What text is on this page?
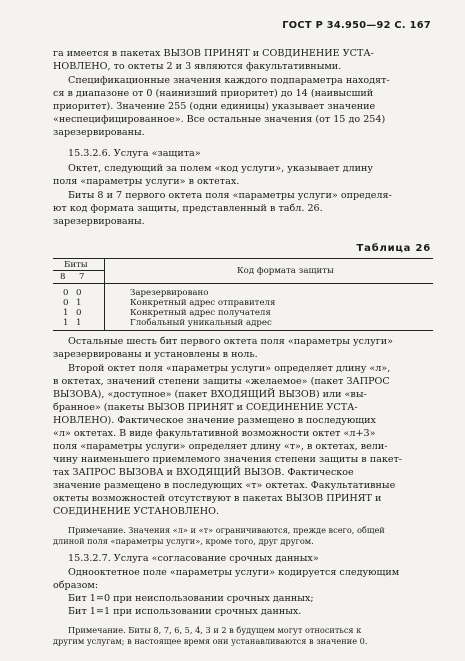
ГОСТ Р 34.950—92 С. 167
га имеется в пакетах ВЫЗОВ ПРИНЯТ и СОВДИНЕНИЕ УСТА-
НОВЛЕНО, то октеты 2 и 3 являются факультативными.
Спецификационные значения каждого подпараметра находят-
ся в диапазоне от 0 (наинизший приоритет) до 14 (наивысший
приоритет). Значение 255 (одни единицы) указывает значение
«неспецифицированное». Все остальные значения (от 15 до 254)
зарезервированы.
15.3.2.6. Услуга «защита»
Октет, следующий за полем «код услуги», указывает длину
поля «параметры услуги» в октетах.
Биты 8 и 7 первого октета поля «параметры услуги» определя-
ют код формата защиты, представленный в табл. 26.
зарезервированы.
Таблица 26
Биты
8 7
Код формата защиты
0 0	Зарезервировано
0 1	Конкретный адрес отправителя
1 0	Конкретный адрес получателя
1 1	Глобальный уникальный адрес
Остальные шесть бит первого октета поля «параметры услуги»
зарезервированы и установлены в ноль.
Второй октет поля «параметры услуги» определяет длину «л»,
в октетах, значений степени защиты «желаемое» (пакет ЗАПРОС
ВЫЗОВА), «доступное» (пакет ВХОДЯЩИЙ ВЫЗОВ) или «вы-
бранное» (пакеты ВЫЗОВ ПРИНЯТ и СОЕДИНЕНИЕ УСТА-
НОВЛЕНО). Фактическое значение размещено в последующих
«л» октетах. В виде факультативной возможности октет «л+3»
поля «параметры услуги» определяет длину «т», в октетах, вели-
чину наименьшего приемлемого значения степени защиты в пакет-
тах ЗАПРОС ВЫЗОВА и ВХОДЯЩИЙ ВЫЗОВ. Фактическое
значение размещено в последующих «т» октетах. Факультативные
октеты возможностей отсутствуют в пакетах ВЫЗОВ ПРИНЯТ и
СОЕДИНЕНИЕ УСТАНОВЛЕНО.
Примечание. Значения «л» и «т» ограничиваются, прежде всего, общей
длиной поля «параметры услуги», кроме того, друг другом.
15.3.2.7. Услуга «согласование срочных данных»
Однооктетное поле «параметры услуги» кодируется следующим
образом:
Бит 1=0 при неиспользовании срочных данных;
Бит 1=1 при использовании срочных данных.
Примечание. Биты 8, 7, 6, 5, 4, 3 и 2 в будущем могут относиться к
другим услугам; в настоящее время они устанавливаются в значение 0.
